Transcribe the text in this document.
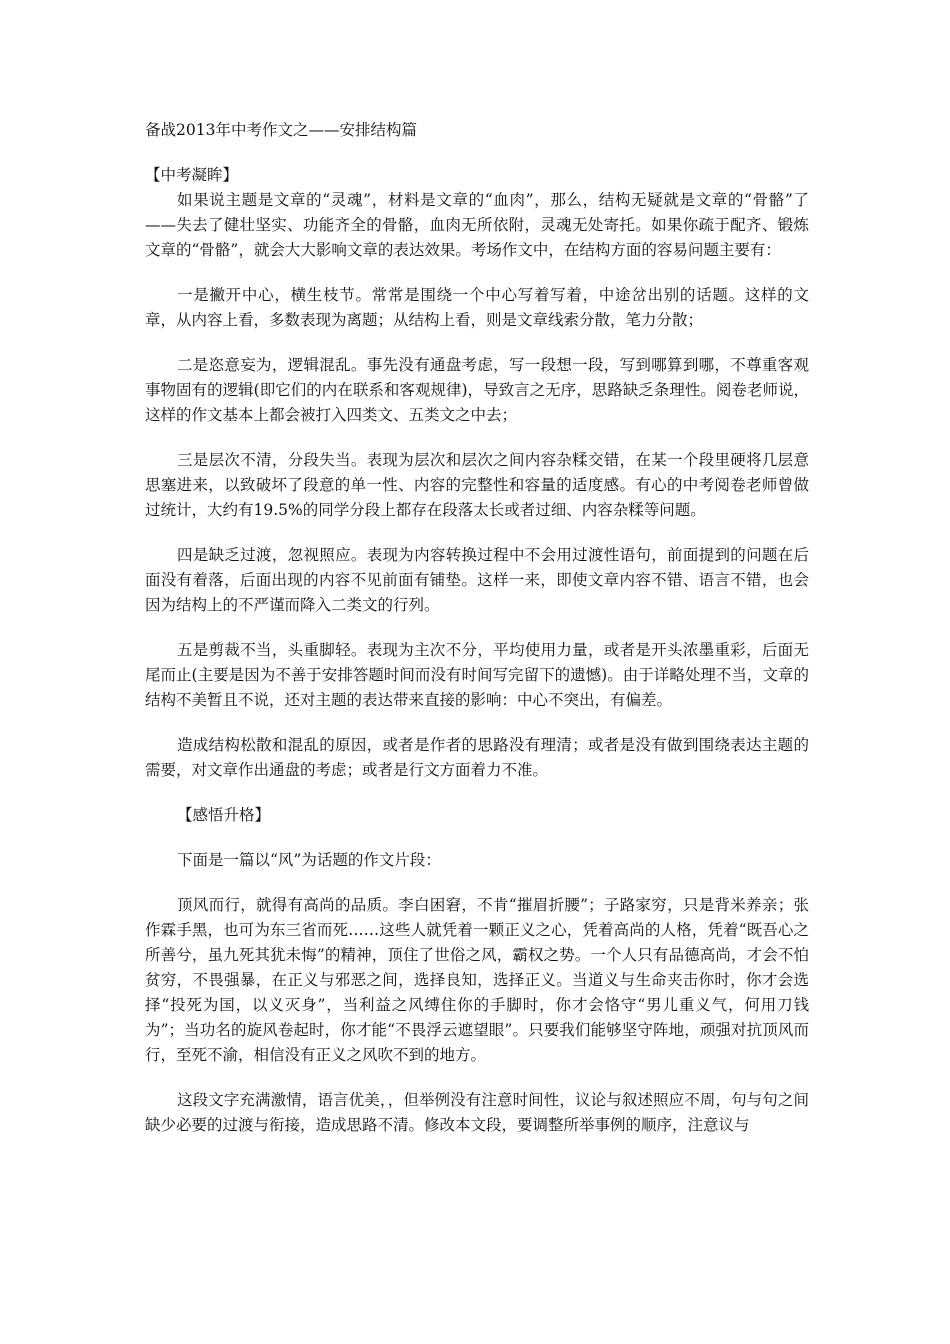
备战2013年中考作文之——安排结构篇

【中考凝眸】

如果说主题是文章的“灵魂”，材料是文章的“血肉”，那么，结构无疑就是文章的“骨骼”了——失去了健壮坚实、功能齐全的骨骼，血肉无所依附，灵魂无处寄托。如果你疏于配齐、锻炼文章的“骨骼”，就会大大影响文章的表达效果。考场作文中，在结构方面的容易问题主要有：

一是撇开中心，横生枝节。常常是围绕一个中心写着写着，中途岔出别的话题。这样的文章，从内容上看，多数表现为离题；从结构上看，则是文章线索分散，笔力分散；

二是恣意妄为，逻辑混乱。事先没有通盘考虑，写一段想一段，写到哪算到哪，不尊重客观事物固有的逻辑(即它们的内在联系和客观规律)，导致言之无序，思路缺乏条理性。阅卷老师说，这样的作文基本上都会被打入四类文、五类文之中去；

三是层次不清，分段失当。表现为层次和层次之间内容杂糅交错，在某一个段里硬将几层意思塞进来，以致破坏了段意的单一性、内容的完整性和容量的适度感。有心的中考阅卷老师曾做过统计，大约有19.5%的同学分段上都存在段落太长或者过细、内容杂糅等问题。

四是缺乏过渡，忽视照应。表现为内容转换过程中不会用过渡性语句，前面提到的问题在后面没有着落，后面出现的内容不见前面有铺垫。这样一来，即使文章内容不错、语言不错，也会因为结构上的不严谨而降入二类文的行列。

五是剪裁不当，头重脚轻。表现为主次不分，平均使用力量，或者是开头浓墨重彩，后面无尾而止(主要是因为不善于安排答题时间而没有时间写完留下的遗憾)。由于详略处理不当，文章的结构不美暂且不说，还对主题的表达带来直接的影响：中心不突出，有偏差。

造成结构松散和混乱的原因，或者是作者的思路没有理清；或者是没有做到围绕表达主题的需要，对文章作出通盘的考虑；或者是行文方面着力不准。

【感悟升格】

下面是一篇以“风”为话题的作文片段：

顶风而行，就得有高尚的品质。李白困窘，不肯“摧眉折腰”；子路家穷，只是背米养亲；张作霖手黑，也可为东三省而死……这些人就凭着一颗正义之心，凭着高尚的人格，凭着“既吾心之所善兮，虽九死其犹未悔”的精神，顶住了世俗之风，霸权之势。一个人只有品德高尚，才会不怕贫穷，不畏强暴，在正义与邪恶之间，选择良知，选择正义。当道义与生命夹击你时，你才会选择“投死为国，以义灭身”，当利益之风缚住你的手脚时，你才会恪守“男儿重义气，何用刀钱为”；当功名的旋风卷起时，你才能“不畏浮云遮望眼”。只要我们能够坚守阵地，顽强对抗顶风而行，至死不渝，相信没有正义之风吹不到的地方。

这段文字充满激情，语言优美，，但举例没有注意时间性，议论与叙述照应不周，句与句之间缺少必要的过渡与衔接，造成思路不清。修改本文段，要调整所举事例的顺序，注意议与
